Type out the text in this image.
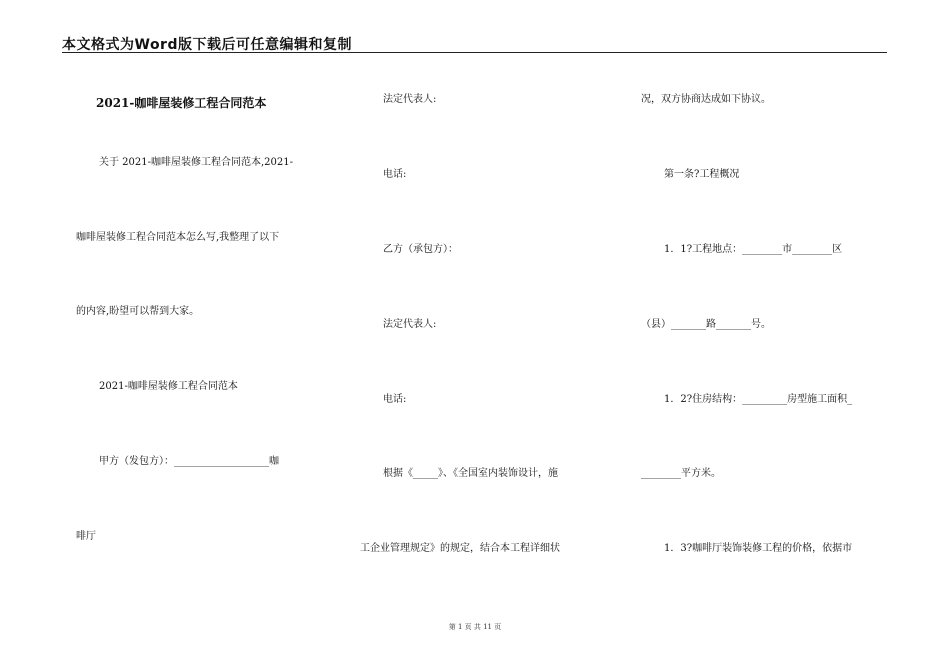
本文格式为Word版下载后可任意编辑和复制
2021-咖啡屋装修工程合同范本
关于 2021-咖啡屋装修工程合同范本,2021-
咖啡屋装修工程合同范本怎么写,我整理了以下
的内容,盼望可以帮到大家。
2021-咖啡屋装修工程合同范本
甲方（发包方）：___________________咖
啡厅
法定代表人:
电话:
乙方（承包方）：
法定代表人:
电话:
根据《_____》、《全国室内装饰设计，施
工企业管理规定》的规定，结合本工程详细状
况，双方协商达成如下协议。
第一条?工程概况
1．1?工程地点：________市________区
（县）_______路_______号。
1．2?住房结构：_________房型施工面积_
________平方米。
1．3?咖啡厅装饰装修工程的价格，依据市
第 1 页 共 11 页
